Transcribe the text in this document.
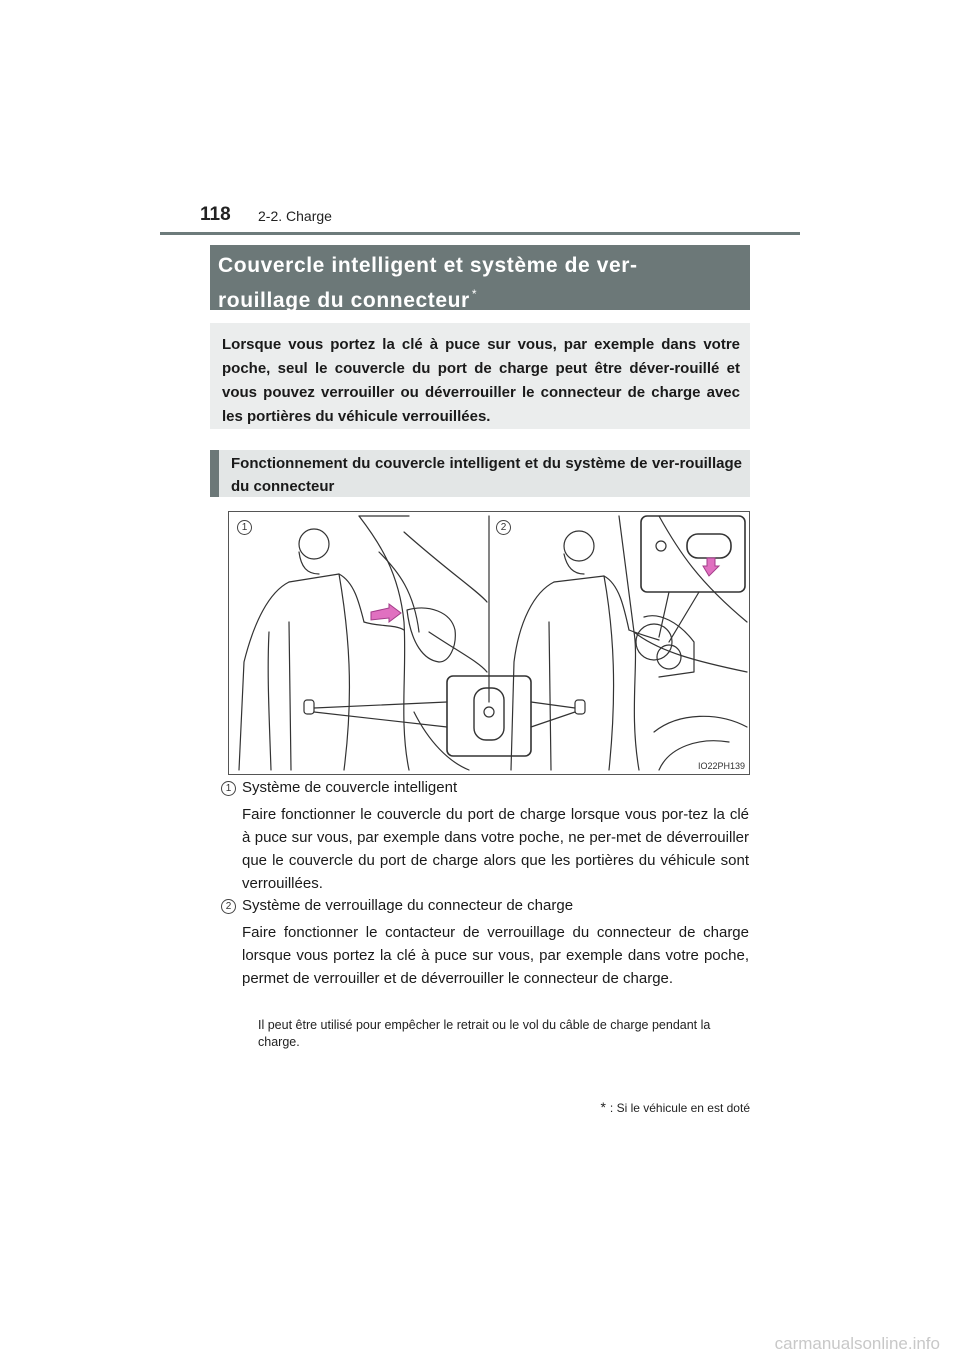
118 2-2. Charge
Couvercle intelligent et système de ver-
rouillage du connecteur *
Lorsque vous portez la clé à puce sur vous, par exemple dans votre poche, seul le couvercle du port de charge peut être déver-rouillé et vous pouvez verrouiller ou déverrouiller le connecteur de charge avec les portières du véhicule verrouillées.
Fonctionnement du couvercle intelligent et du système de ver-rouillage du connecteur
1	2
IO22PH139
1 Système de couvercle intelligent
Faire fonctionner le couvercle du port de charge lorsque vous por-tez la clé à puce sur vous, par exemple dans votre poche, ne per-met de déverrouiller que le couvercle du port de charge alors que les portières du véhicule sont verrouillées.
2 Système de verrouillage du connecteur de charge
Faire fonctionner le contacteur de verrouillage du connecteur de charge lorsque vous portez la clé à puce sur vous, par exemple dans votre poche, permet de verrouiller et de déverrouiller le connecteur de charge.
Il peut être utilisé pour empêcher le retrait ou le vol du câble de charge pendant la charge.
* : Si le véhicule en est doté
carmanualsonline.info
